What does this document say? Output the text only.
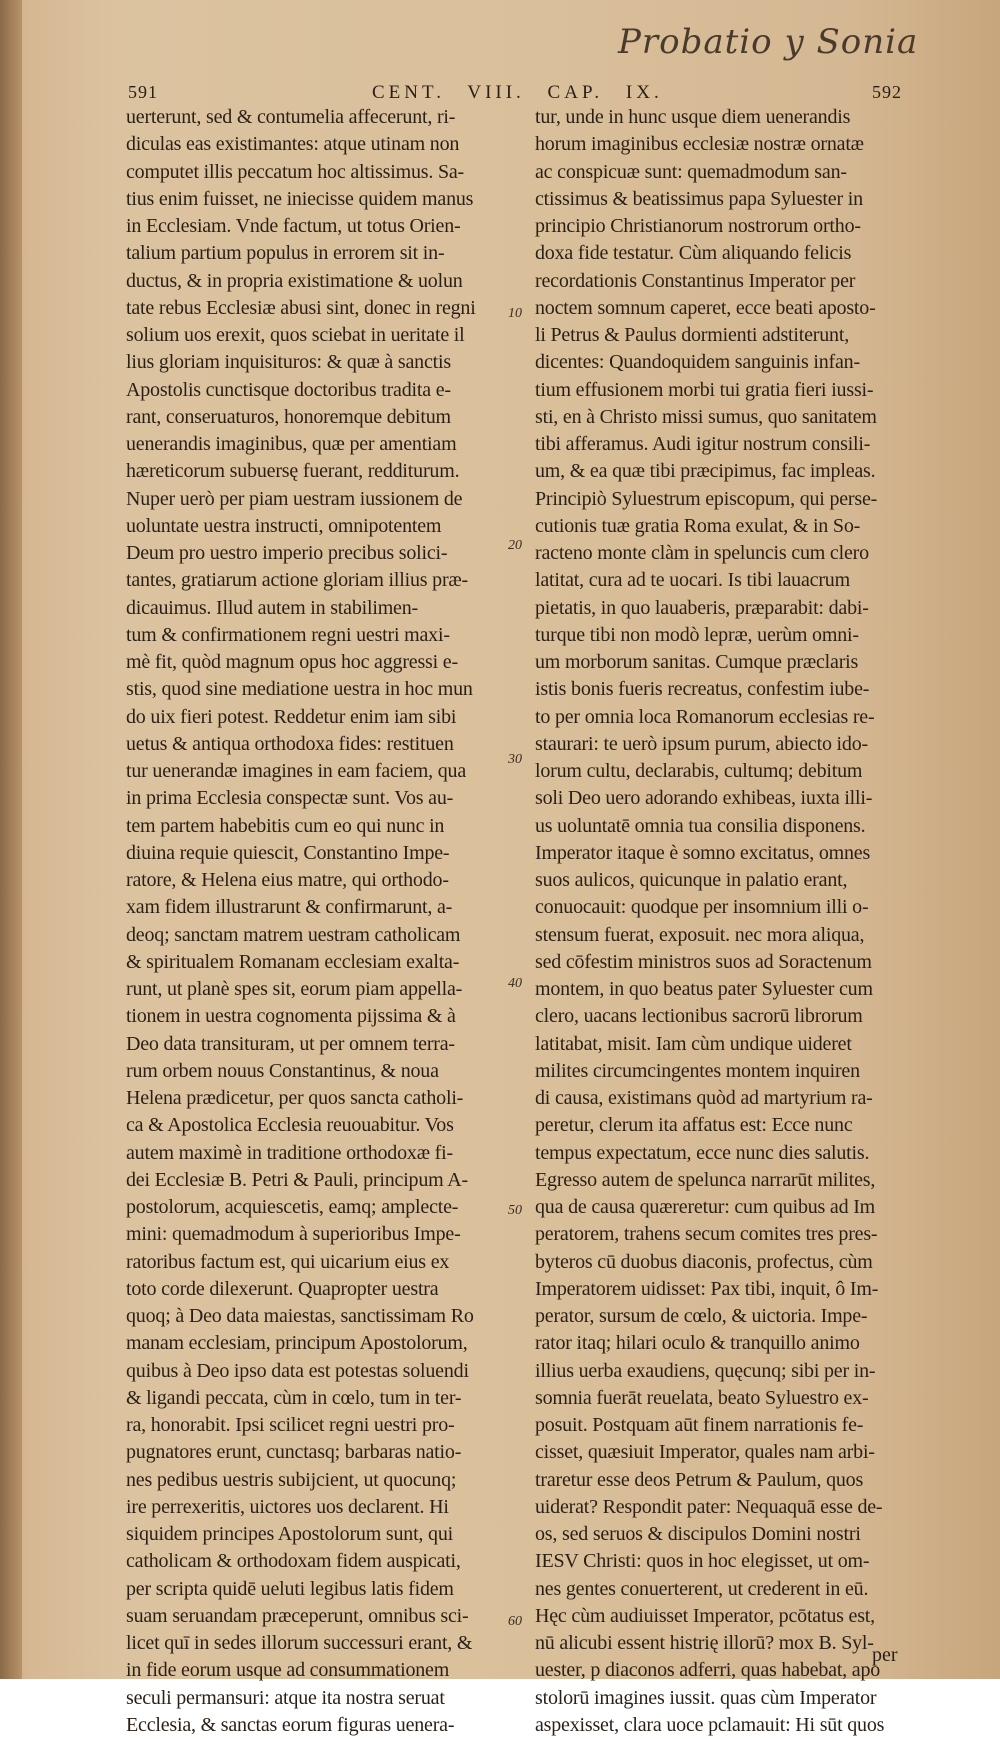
Probatio y Sonia
591	CENT. VIII. CAP. IX.	592
uerterunt, sed & contumelia affecerunt, ri-
diculas eas existimantes: atque utinam non
computet illis peccatum hoc altissimus. Sa-
tius enim fuisset, ne iniecisse quidem manus
in Ecclesiam. Vnde factum, ut totus Orien-
talium partium populus in errorem sit in-
ductus, & in propria existimatione & uolun
tate rebus Ecclesiæ abusi sint, donec in regni
solium uos erexit, quos sciebat in ueritate il
lius gloriam inquisituros: & quæ à sanctis
Apostolis cunctisque doctoribus tradita e-
rant, conseruaturos, honoremque debitum
uenerandis imaginibus, quæ per amentiam
hæreticorum subuersę fuerant, redditurum.
Nuper uerò per piam uestram iussionem de
uoluntate uestra instructi, omnipotentem
Deum pro uestro imperio precibus solici-
tantes, gratiarum actione gloriam illius præ-
dicauimus. Illud autem in stabilimen-
tum & confirmationem regni uestri maxi-
mè fit, quòd magnum opus hoc aggressi e-
stis, quod sine mediatione uestra in hoc mun
do uix fieri potest. Reddetur enim iam sibi
uetus & antiqua orthodoxa fides: restituen
tur uenerandæ imagines in eam faciem, qua
in prima Ecclesia conspectæ sunt. Vos au-
tem partem habebitis cum eo qui nunc in
diuina requie quiescit, Constantino Impe-
ratore, & Helena eius matre, qui orthodo-
xam fidem illustrarunt & confirmarunt, a-
deoq; sanctam matrem uestram catholicam
& spiritualem Romanam ecclesiam exalta-
runt, ut planè spes sit, eorum piam appella-
tionem in uestra cognomenta pijssima & à
Deo data transituram, ut per omnem terra-
rum orbem nouus Constantinus, & noua
Helena prædicetur, per quos sancta catholi-
ca & Apostolica Ecclesia reuouabitur. Vos
autem maximè in traditione orthodoxæ fi-
dei Ecclesiæ B. Petri & Pauli, principum A-
postolorum, acquiescetis, eamq; amplecte-
mini: quemadmodum à superioribus Impe-
ratoribus factum est, qui uicarium eius ex
toto corde dilexerunt. Quapropter uestra
quoq; à Deo data maiestas, sanctissimam Ro
manam ecclesiam, principum Apostolorum,
quibus à Deo ipso data est potestas soluendi
& ligandi peccata, cùm in cœlo, tum in ter-
ra, honorabit. Ipsi scilicet regni uestri pro-
pugnatores erunt, cunctasq; barbaras natio-
nes pedibus uestris subijcient, ut quocunq;
ire perrexeritis, uictores uos declarent. Hi
siquidem principes Apostolorum sunt, qui
catholicam & orthodoxam fidem auspicati,
per scripta quidē ueluti legibus latis fidem
suam seruandam præceperunt, omnibus sci-
licet quī in sedes illorum successuri erant, &
in fide eorum usque ad consummationem
seculi permansuri: atque ita nostra seruat
Ecclesia, & sanctas eorum figuras uenera-
tur, unde in hunc usque diem uenerandis
horum imaginibus ecclesiæ nostræ ornatæ
ac conspicuæ sunt: quemadmodum san-
ctissimus & beatissimus papa Syluester in
principio Christianorum nostrorum ortho-
doxa fide testatur. Cùm aliquando felicis
recordationis Constantinus Imperator per
noctem somnum caperet, ecce beati aposto-
li Petrus & Paulus dormienti adstiterunt,
dicentes: Quandoquidem sanguinis infan-
tium effusionem morbi tui gratia fieri iussi-
sti, en à Christo missi sumus, quo sanitatem
tibi afferamus. Audi igitur nostrum consili-
um, & ea quæ tibi præcipimus, fac impleas.
Principiò Syluestrum episcopum, qui perse-
cutionis tuæ gratia Roma exulat, & in So-
racteno monte clàm in speluncis cum clero
latitat, cura ad te uocari. Is tibi lauacrum
pietatis, in quo lauaberis, præparabit: dabi-
turque tibi non modò lepræ, uerùm omni-
um morborum sanitas. Cumque præclaris
istis bonis fueris recreatus, confestim iube-
to per omnia loca Romanorum ecclesias re-
staurari: te uerò ipsum purum, abiecto ido-
lorum cultu, declarabis, cultumq; debitum
soli Deo uero adorando exhibeas, iuxta illi-
us uoluntatē omnia tua consilia disponens.
Imperator itaque è somno excitatus, omnes
suos aulicos, quicunque in palatio erant,
conuocauit: quodque per insomnium illi o-
stensum fuerat, exposuit. nec mora aliqua,
sed cōfestim ministros suos ad Soractenum
montem, in quo beatus pater Syluester cum
clero, uacans lectionibus sacrorū librorum
latitabat, misit. Iam cùm undique uideret
milites circumcingentes montem inquiren
di causa, existimans quòd ad martyrium ra-
peretur, clerum ita affatus est: Ecce nunc
tempus expectatum, ecce nunc dies salutis.
Egresso autem de spelunca narrarūt milites,
qua de causa quæreretur: cum quibus ad Im
peratorem, trahens secum comites tres pres-
byteros cū duobus diaconis, profectus, cùm
Imperatorem uidisset: Pax tibi, inquit, ô Im-
perator, sursum de cœlo, & uictoria. Impe-
rator itaq; hilari oculo & tranquillo animo
illius uerba exaudiens, quęcunq; sibi per in-
somnia fuerāt reuelata, beato Syluestro ex-
posuit. Postquam aūt finem narrationis fe-
cisset, quæsiuit Imperator, quales nam arbi-
traretur esse deos Petrum & Paulum, quos
uiderat? Respondit pater: Nequaquā esse de-
os, sed seruos & discipulos Domini nostri
IESV Christi: quos in hoc elegisset, ut om-
nes gentes conuerterent, ut crederent in eū.
Hęc cùm audiuisset Imperator, pcōtatus est,
nū alicubi essent histrię illorū? mox B. Syl-
uester, p diaconos adferri, quas habebat, apo
stolorū imagines iussit. quas cùm Imperator
aspexisset, clara uoce pclamauit: Hi sūt quos
10
20
30
40
50
60
per
